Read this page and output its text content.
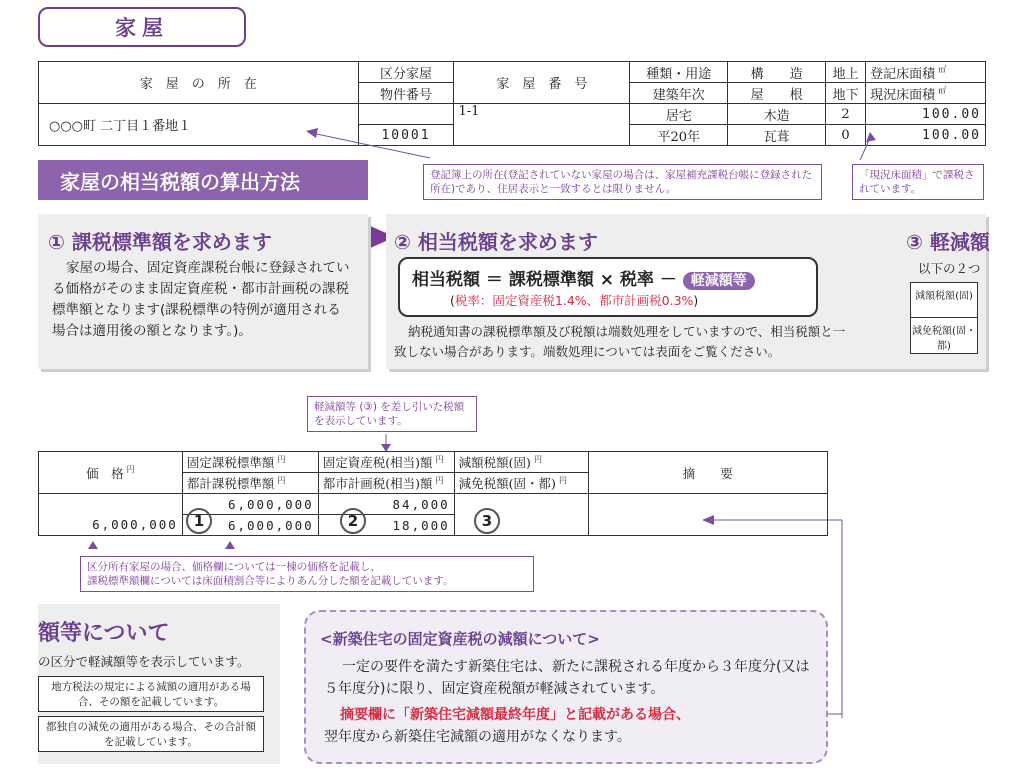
家屋
家　屋　の　所　在	区分家屋	家　屋　番　号	種類・用途	構　　造	地上	登記床面積 ㎡
	物件番号		建築年次	屋　　根	地下	現況床面積 ㎡
○○○町 二丁目１番地１		1-1	居宅	木造	2	100.00
	10001		平20年	瓦葺	0	100.00
登記簿上の所在(登記されていない家屋の場合は、家屋補充課税台帳に登録された所在)であり、住居表示と一致するとは限りません。
「現況床面積」で課税されています。
家屋の相当税額の算出方法
① 課税標準額を求めます
家屋の場合、固定資産課税台帳に登録されている価格がそのまま固定資産税・都市計画税の課税標準額となります(課税標準の特例が適用される場合は適用後の額となります。)。
② 相当税額を求めます
納税通知書の課税標準額及び税額は端数処理をしていますので、相当税額と一致しない場合があります。端数処理については表面をご覧ください。
相当税額 ＝ 課税標準額 × 税率 － 軽減額等
(税率：固定資産税1.4%、都市計画税0.3%)
③ 軽減額
以下の２つ
減額税額(固)
減免税額(固・都)
軽減額等 (③) を差し引いた税額を表示しています。
価　格 $^円$	固定課税標準額 $^円$	固定資産税(相当)額 $^円$	減額税額(固) $^円$	摘　　要
	都計課税標準額 $^円$	都市計画税(相当)額 $^円$	減免税額(固・都) $^円$
6,000,000	6,000,000	84,000		
	6,000,000	18,000		
1	2	3
区分所有家屋の場合、価格欄については一棟の価格を記載し、
課税標準額欄については床面積割合等によりあん分した額を記載しています。
額等について
の区分で軽減額等を表示しています。
地方税法の規定による減額の適用がある場合、その額を記載しています。
都独自の減免の適用がある場合、その合計額を記載しています。
<新築住宅の固定資産税の減額について>
一定の要件を満たす新築住宅は、新たに課税される年度から３年度分(又は５年度分)に限り、固定資産税額が軽減されています。
摘要欄に「新築住宅減額最終年度」と記載がある場合、
翌年度から新築住宅減額の適用がなくなります。
